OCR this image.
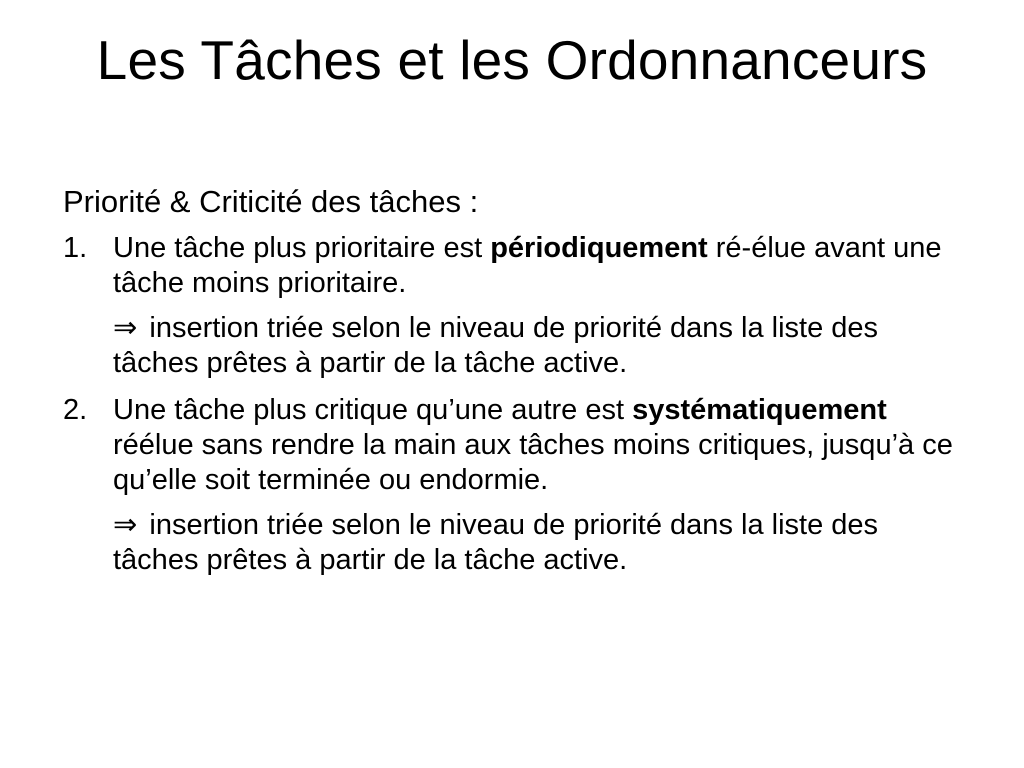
Les Tâches et les Ordonnanceurs

Priorité & Criticité des tâches :

1. Une tâche plus prioritaire est périodiquement ré-élue avant une tâche moins prioritaire.

⇒ insertion triée selon le niveau de priorité dans la liste des tâches prêtes à partir de la tâche active.

2. Une tâche plus critique qu’une autre est systématiquement réélue sans rendre la main aux tâches moins critiques, jusqu’à ce qu’elle soit terminée ou endormie.

⇒ insertion triée selon le niveau de priorité dans la liste des tâches prêtes à partir de la tâche active.
